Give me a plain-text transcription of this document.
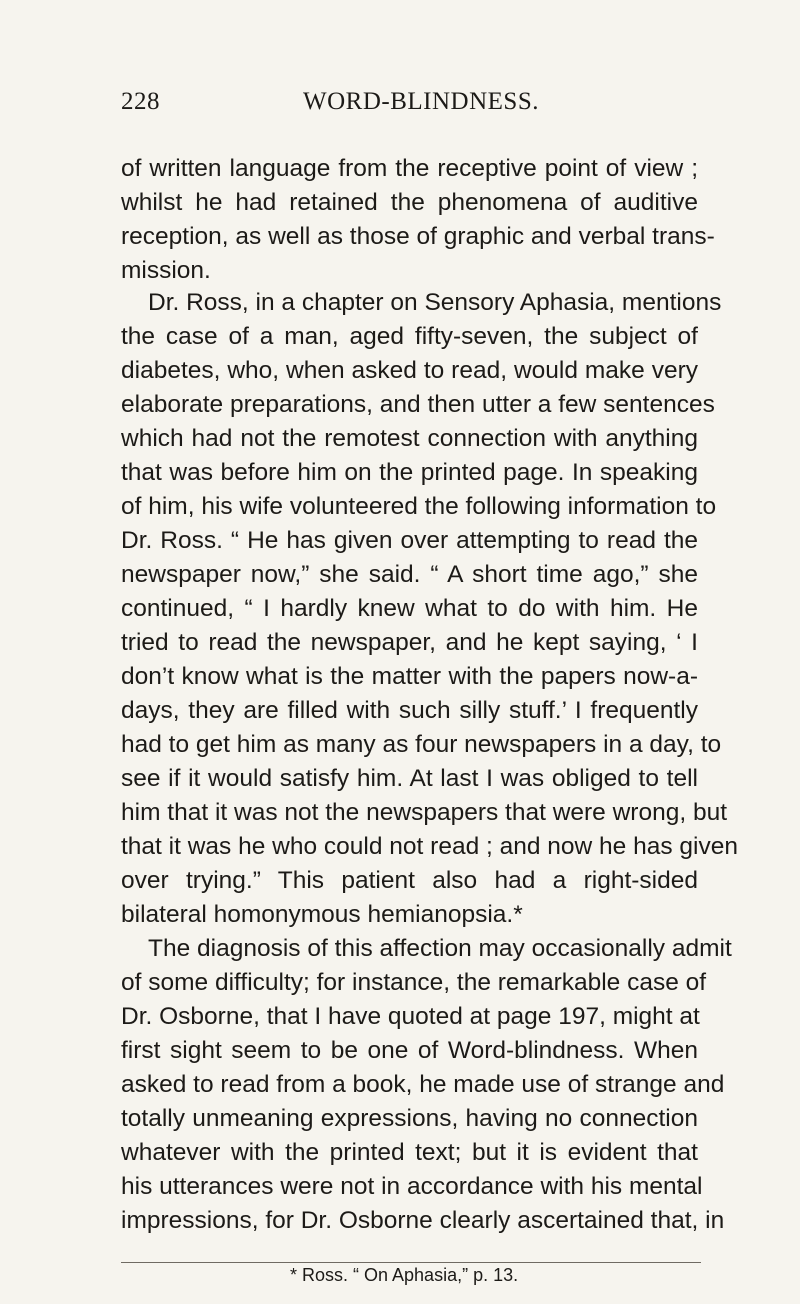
228	WORD-BLINDNESS.
of written language from the receptive point of view ;
whilst he had retained the phenomena of auditive
reception, as well as those of graphic and verbal trans-
mission.
Dr. Ross, in a chapter on Sensory Aphasia, mentions
the case of a man, aged fifty-seven, the subject of
diabetes, who, when asked to read, would make very
elaborate preparations, and then utter a few sentences
which had not the remotest connection with anything
that was before him on the printed page. In speaking
of him, his wife volunteered the following information to
Dr. Ross. “ He has given over attempting to read the
newspaper now,” she said. “ A short time ago,” she
continued, “ I hardly knew what to do with him. He
tried to read the newspaper, and he kept saying, ‘ I
don’t know what is the matter with the papers now-a-
days, they are filled with such silly stuff.’ I frequently
had to get him as many as four newspapers in a day, to
see if it would satisfy him. At last I was obliged to tell
him that it was not the newspapers that were wrong, but
that it was he who could not read ; and now he has given
over trying.” This patient also had a right-sided
bilateral homonymous hemianopsia.*
The diagnosis of this affection may occasionally admit
of some difficulty; for instance, the remarkable case of
Dr. Osborne, that I have quoted at page 197, might at
first sight seem to be one of Word-blindness. When
asked to read from a book, he made use of strange and
totally unmeaning expressions, having no connection
whatever with the printed text; but it is evident that
his utterances were not in accordance with his mental
impressions, for Dr. Osborne clearly ascertained that, in
* Ross. “ On Aphasia,” p. 13.
